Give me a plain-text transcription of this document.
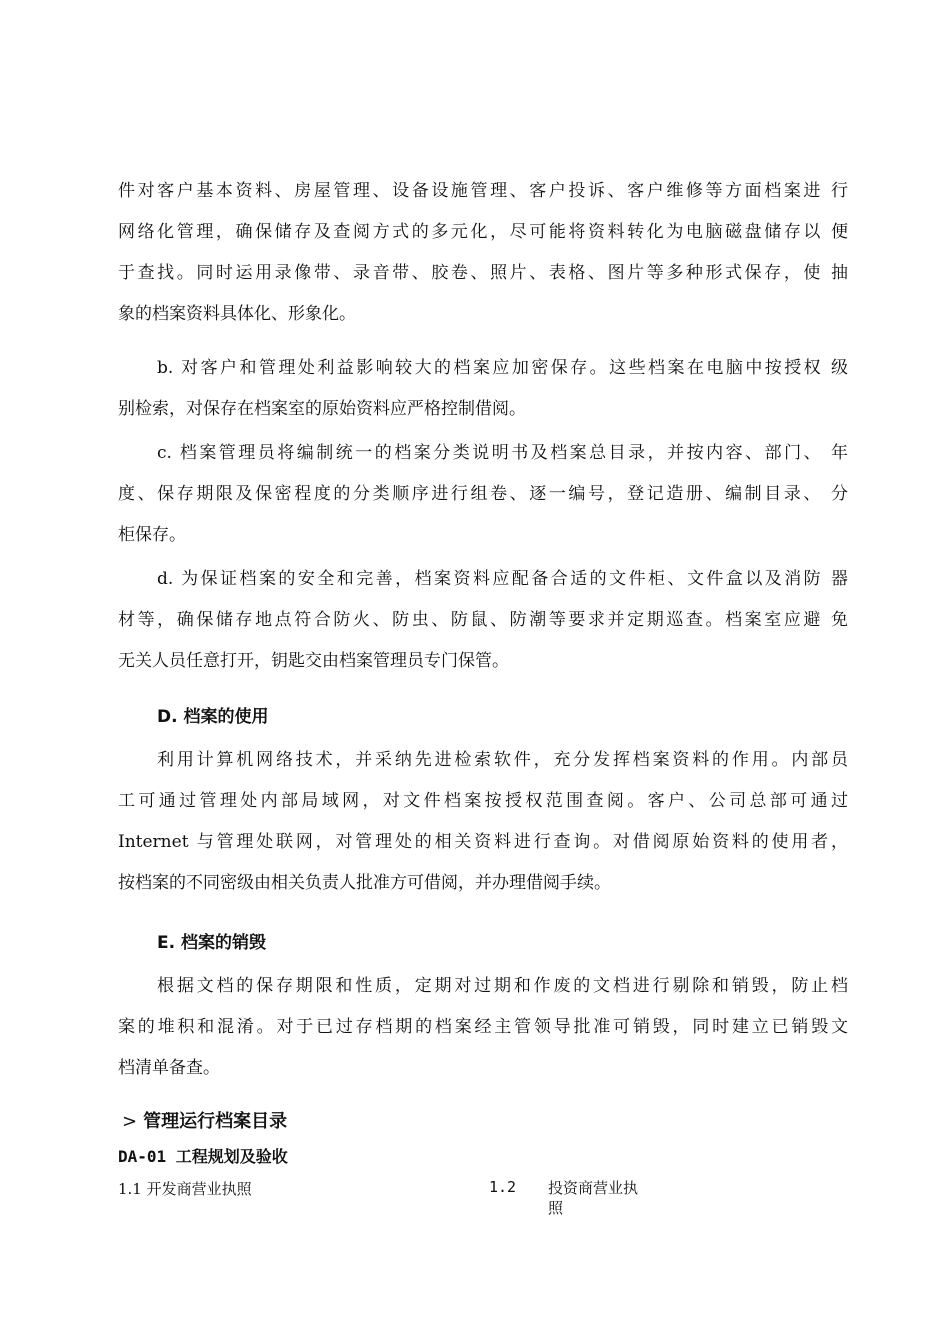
件对客户基本资料、房屋管理、设备设施管理、客户投诉、客户维修等方面档案进 行
网络化管理，确保储存及查阅方式的多元化，尽可能将资料转化为电脑磁盘储存以 便
于查找。同时运用录像带、录音带、胶卷、照片、表格、图片等多种形式保存，使 抽
象的档案资料具体化、形象化。

b. 对客户和管理处利益影响较大的档案应加密保存。这些档案在电脑中按授权 级
别检索，对保存在档案室的原始资料应严格控制借阅。

c. 档案管理员将编制统一的档案分类说明书及档案总目录，并按内容、部门、 年
度、保存期限及保密程度的分类顺序进行组卷、逐一编号，登记造册、编制目录、 分
柜保存。

d. 为保证档案的安全和完善，档案资料应配备合适的文件柜、文件盒以及消防 器
材等，确保储存地点符合防火、防虫、防鼠、防潮等要求并定期巡查。档案室应避 免
无关人员任意打开，钥匙交由档案管理员专门保管。

D. 档案的使用

利用计算机网络技术，并采纳先进检索软件，充分发挥档案资料的作用。内部员
工可通过管理处内部局域网，对文件档案按授权范围查阅。客户、公司总部可通过
Internet 与管理处联网，对管理处的相关资料进行查询。对借阅原始资料的使用者，
按档案的不同密级由相关负责人批准方可借阅，并办理借阅手续。

E. 档案的销毁

根据文档的保存期限和性质，定期对过期和作废的文档进行剔除和销毁，防止档
案的堆积和混淆。对于已过存档期的档案经主管领导批准可销毁，同时建立已销毁文
档清单备查。

> 管理运行档案目录
DA-01 工程规划及验收

1.1 开发商营业执照	1.2 投资商营业执
照
